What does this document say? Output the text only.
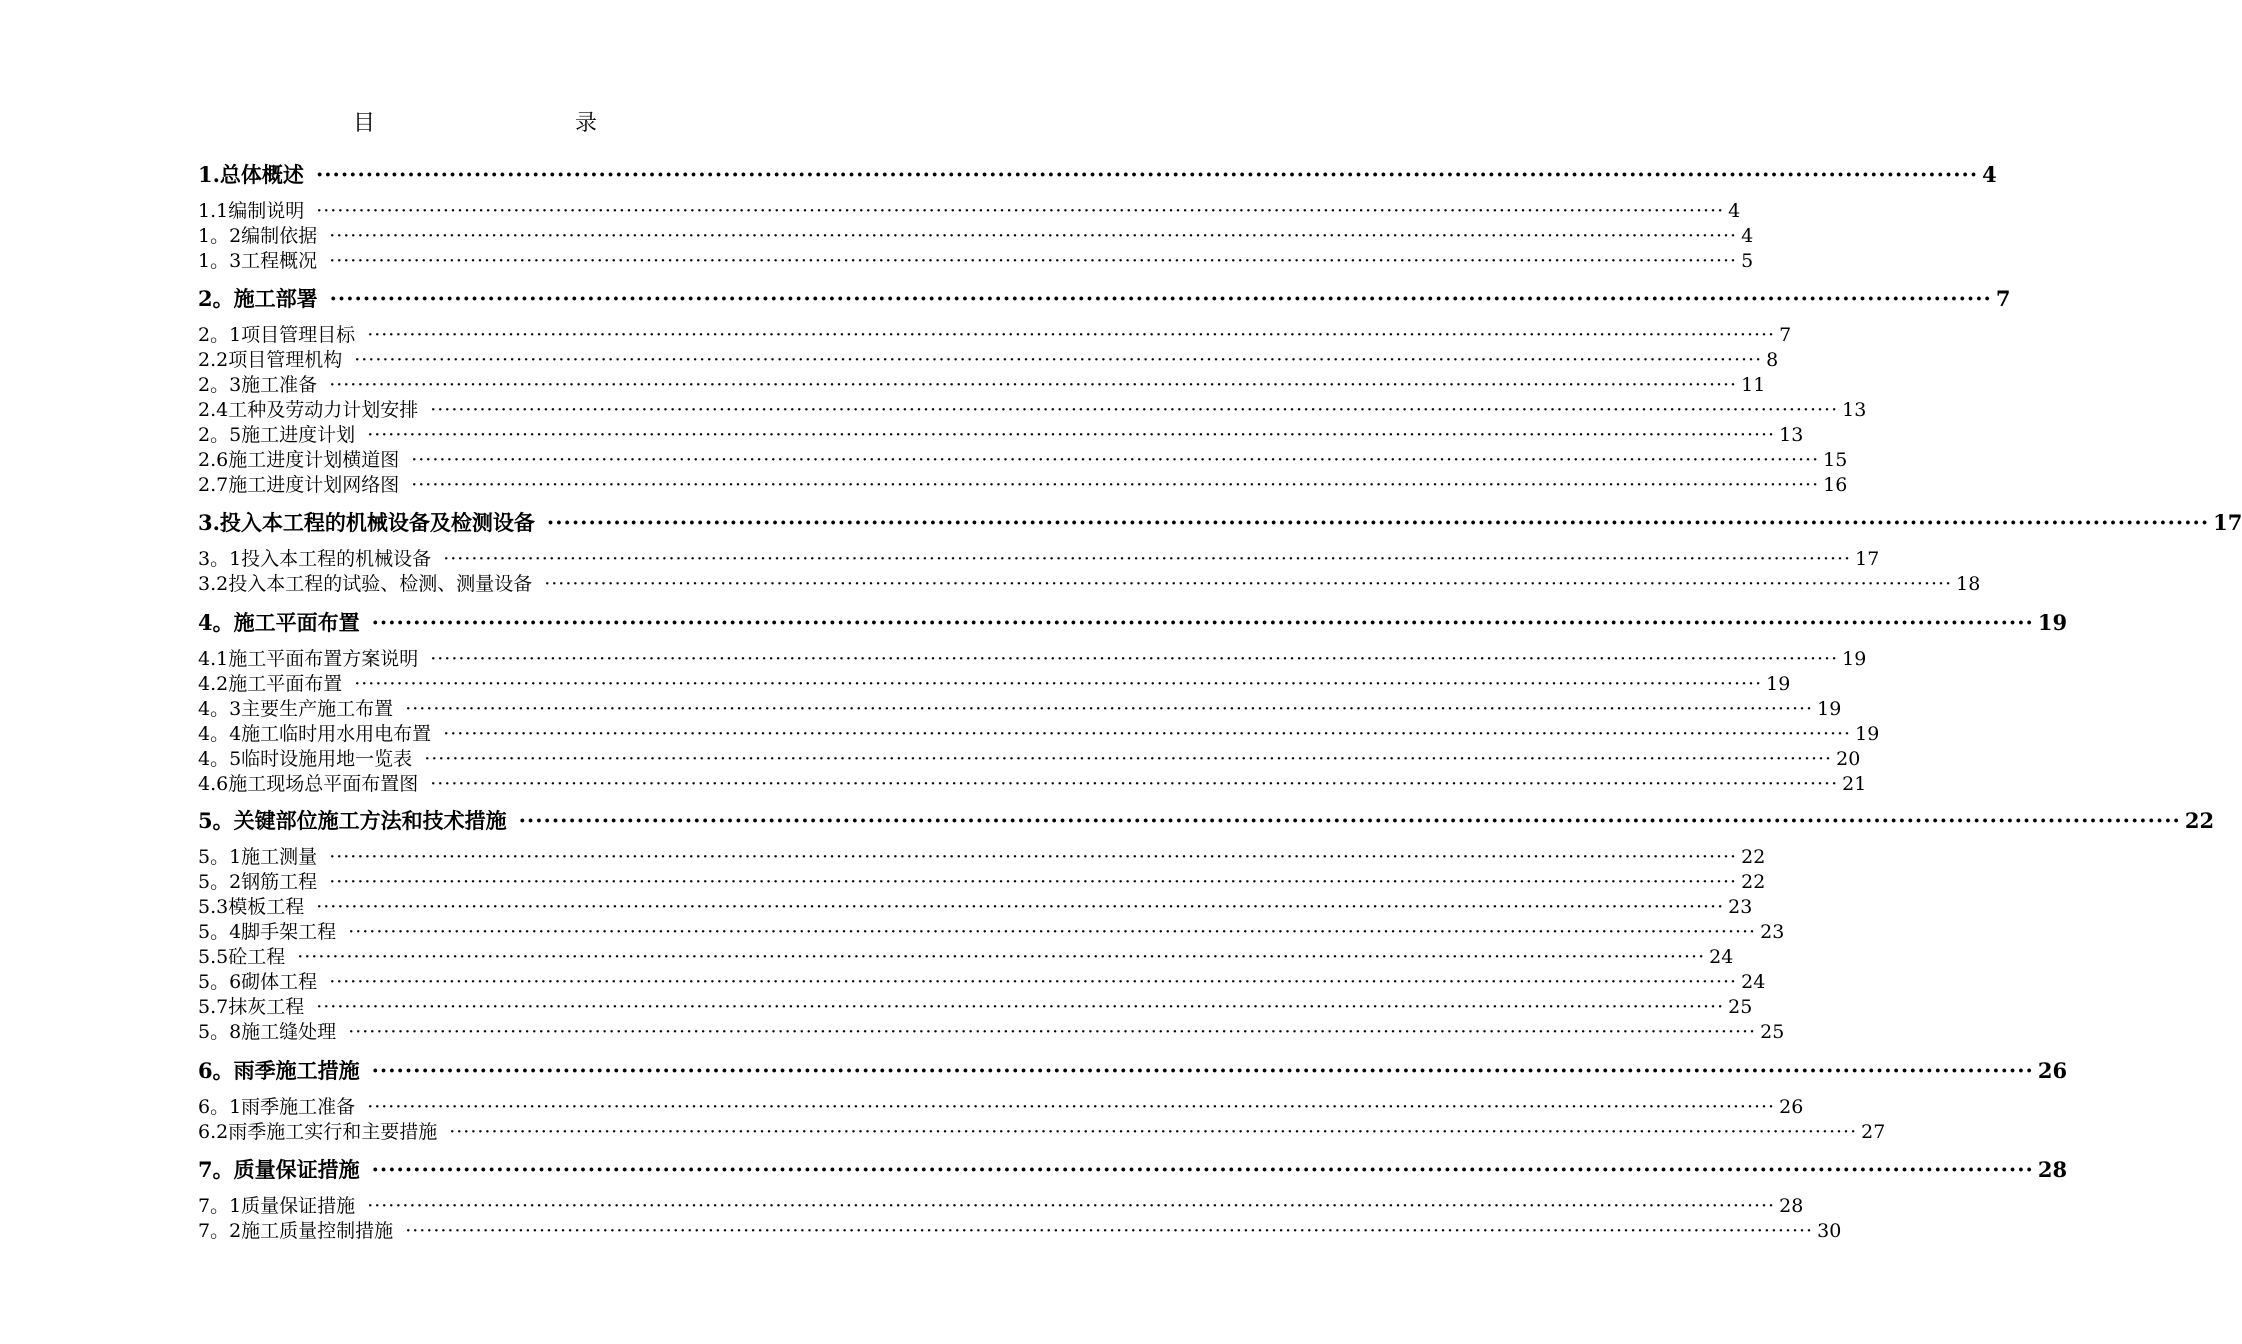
目　　录
1.总体概述 ········································································································································································································ 4
1.1编制说明 ········································································································································································································ 4
1。2编制依据 ········································································································································································································ 4
1。3工程概况 ········································································································································································································ 5
2。施工部署 ········································································································································································································ 7
2。1项目管理目标 ········································································································································································································ 7
2.2项目管理机构 ········································································································································································································ 8
2。3施工准备 ········································································································································································································ 11
2.4工种及劳动力计划安排 ········································································································································································································ 13
2。5施工进度计划 ········································································································································································································ 13
2.6施工进度计划横道图 ········································································································································································································ 15
2.7施工进度计划网络图 ········································································································································································································ 16
3.投入本工程的机械设备及检测设备 ········································································································································································································ 17
3。1投入本工程的机械设备 ········································································································································································································ 17
3.2投入本工程的试验、检测、测量设备 ········································································································································································································ 18
4。施工平面布置 ········································································································································································································ 19
4.1施工平面布置方案说明 ········································································································································································································ 19
4.2施工平面布置 ········································································································································································································ 19
4。3主要生产施工布置 ········································································································································································································ 19
4。4施工临时用水用电布置 ········································································································································································································ 19
4。5临时设施用地一览表 ········································································································································································································ 20
4.6施工现场总平面布置图 ········································································································································································································ 21
5。关键部位施工方法和技术措施 ········································································································································································································ 22
5。1施工测量 ········································································································································································································ 22
5。2钢筋工程 ········································································································································································································ 22
5.3模板工程 ········································································································································································································ 23
5。4脚手架工程 ········································································································································································································ 23
5.5砼工程 ········································································································································································································ 24
5。6砌体工程 ········································································································································································································ 24
5.7抹灰工程 ········································································································································································································ 25
5。8施工缝处理 ········································································································································································································ 25
6。雨季施工措施 ········································································································································································································ 26
6。1雨季施工准备 ········································································································································································································ 26
6.2雨季施工实行和主要措施 ········································································································································································································ 27
7。质量保证措施 ········································································································································································································ 28
7。1质量保证措施 ········································································································································································································ 28
7。2施工质量控制措施 ········································································································································································································ 30
